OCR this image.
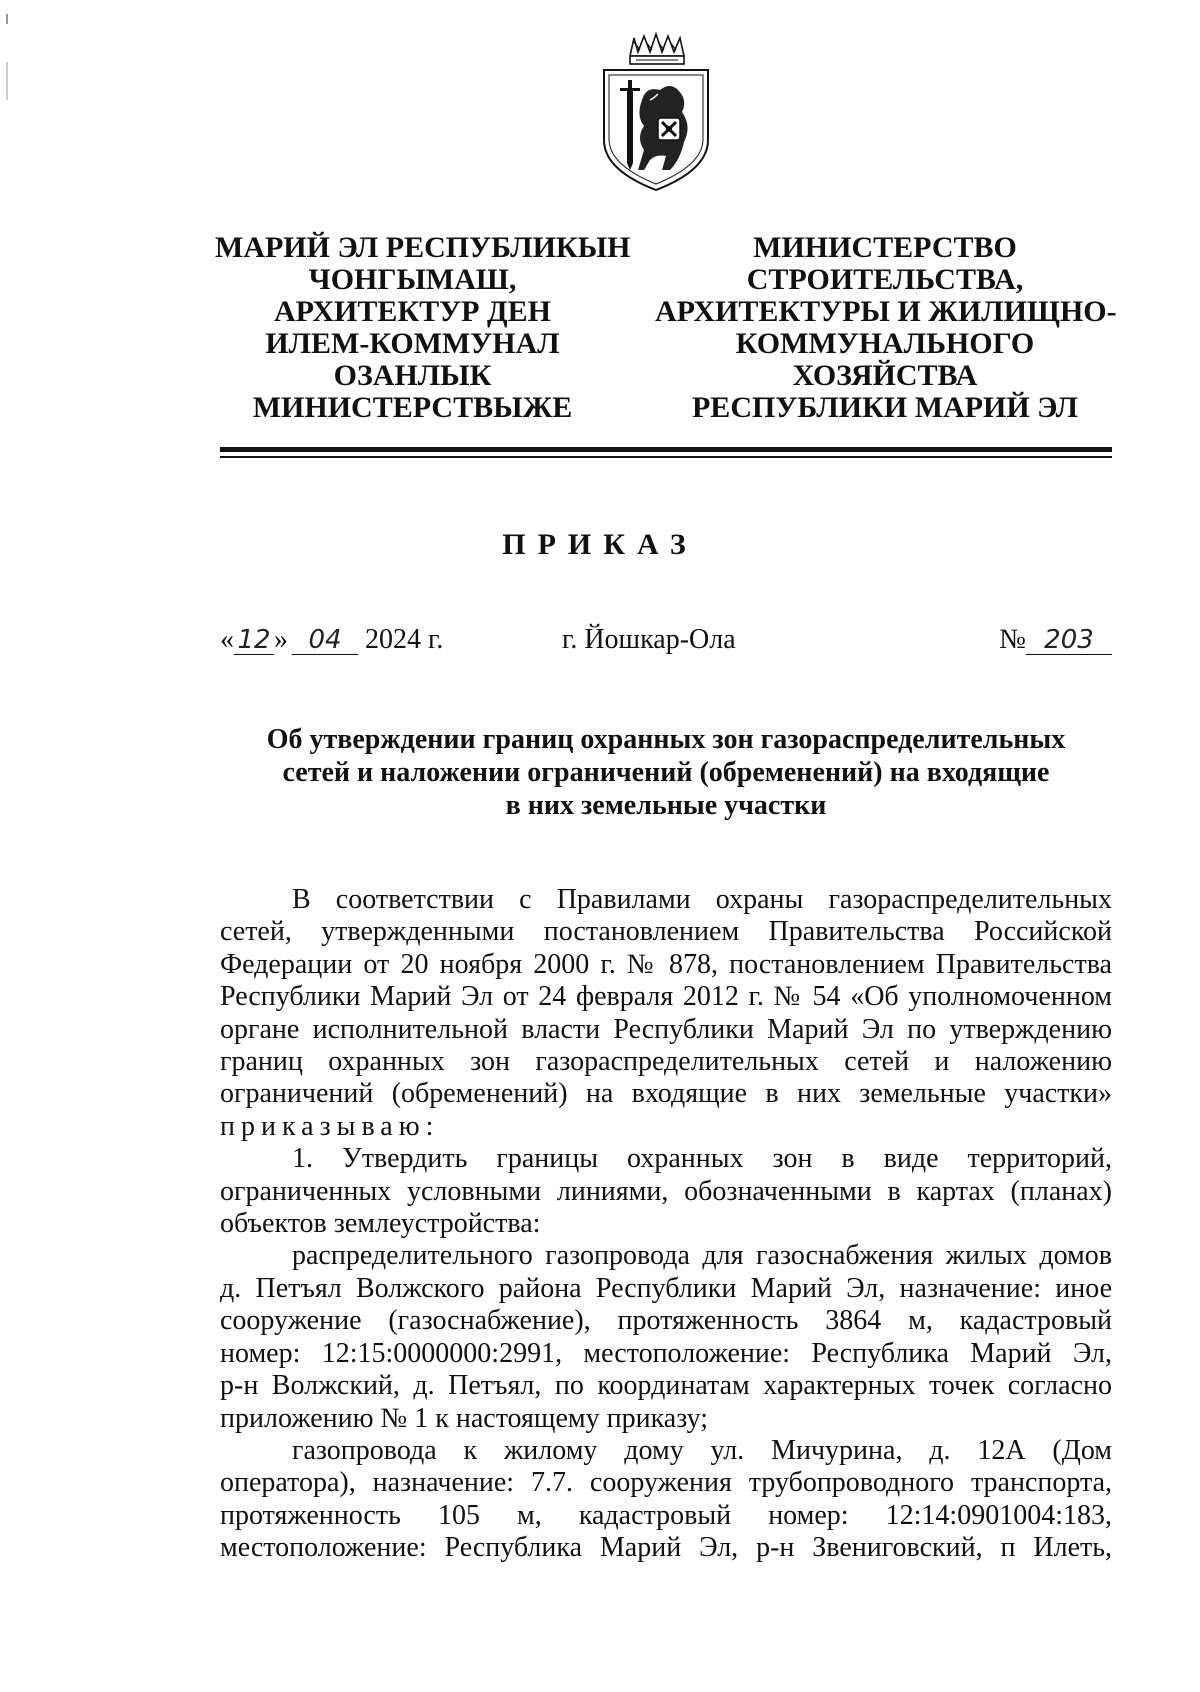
МАРИЙ ЭЛ РЕСПУБЛИКЫН
ЧОНГЫМАШ,
АРХИТЕКТУР ДЕН
ИЛЕМ-КОММУНАЛ
ОЗАНЛЫК
МИНИСТЕРСТВЫЖЕ
МИНИСТЕРСТВО
СТРОИТЕЛЬСТВА,
АРХИТЕКТУРЫ И ЖИЛИЩНО-
КОММУНАЛЬНОГО
ХОЗЯЙСТВА
РЕСПУБЛИКИ МАРИЙ ЭЛ
ПРИКАЗ
« 12 » 04 2024 г.	г. Йошкар-Ола	№ 203
Об утверждении границ охранных зон газораспределительных
сетей и наложении ограничений (обременений) на входящие
в них земельные участки
В соответствии с Правилами охраны газораспределительных
сетей, утвержденными постановлением Правительства Российской
Федерации от 20 ноября 2000 г. № 878, постановлением Правительства
Республики Марий Эл от 24 февраля 2012 г. № 54 «Об уполномоченном
органе исполнительной власти Республики Марий Эл по утверждению
границ охранных зон газораспределительных сетей и наложению
ограничений (обременений) на входящие в них земельные участки»
приказываю:
1. Утвердить границы охранных зон в виде территорий,
ограниченных условными линиями, обозначенными в картах (планах)
объектов землеустройства:
распределительного газопровода для газоснабжения жилых домов
д. Петъял Волжского района Республики Марий Эл, назначение: иное
сооружение (газоснабжение), протяженность 3864 м, кадастровый
номер: 12:15:0000000:2991, местоположение: Республика Марий Эл,
р-н Волжский, д. Петъял, по координатам характерных точек согласно
приложению № 1 к настоящему приказу;
газопровода к жилому дому ул. Мичурина, д. 12А (Дом
оператора), назначение: 7.7. сооружения трубопроводного транспорта,
протяженность 105 м, кадастровый номер: 12:14:0901004:183,
местоположение: Республика Марий Эл, р-н Звениговский, п Илеть,
